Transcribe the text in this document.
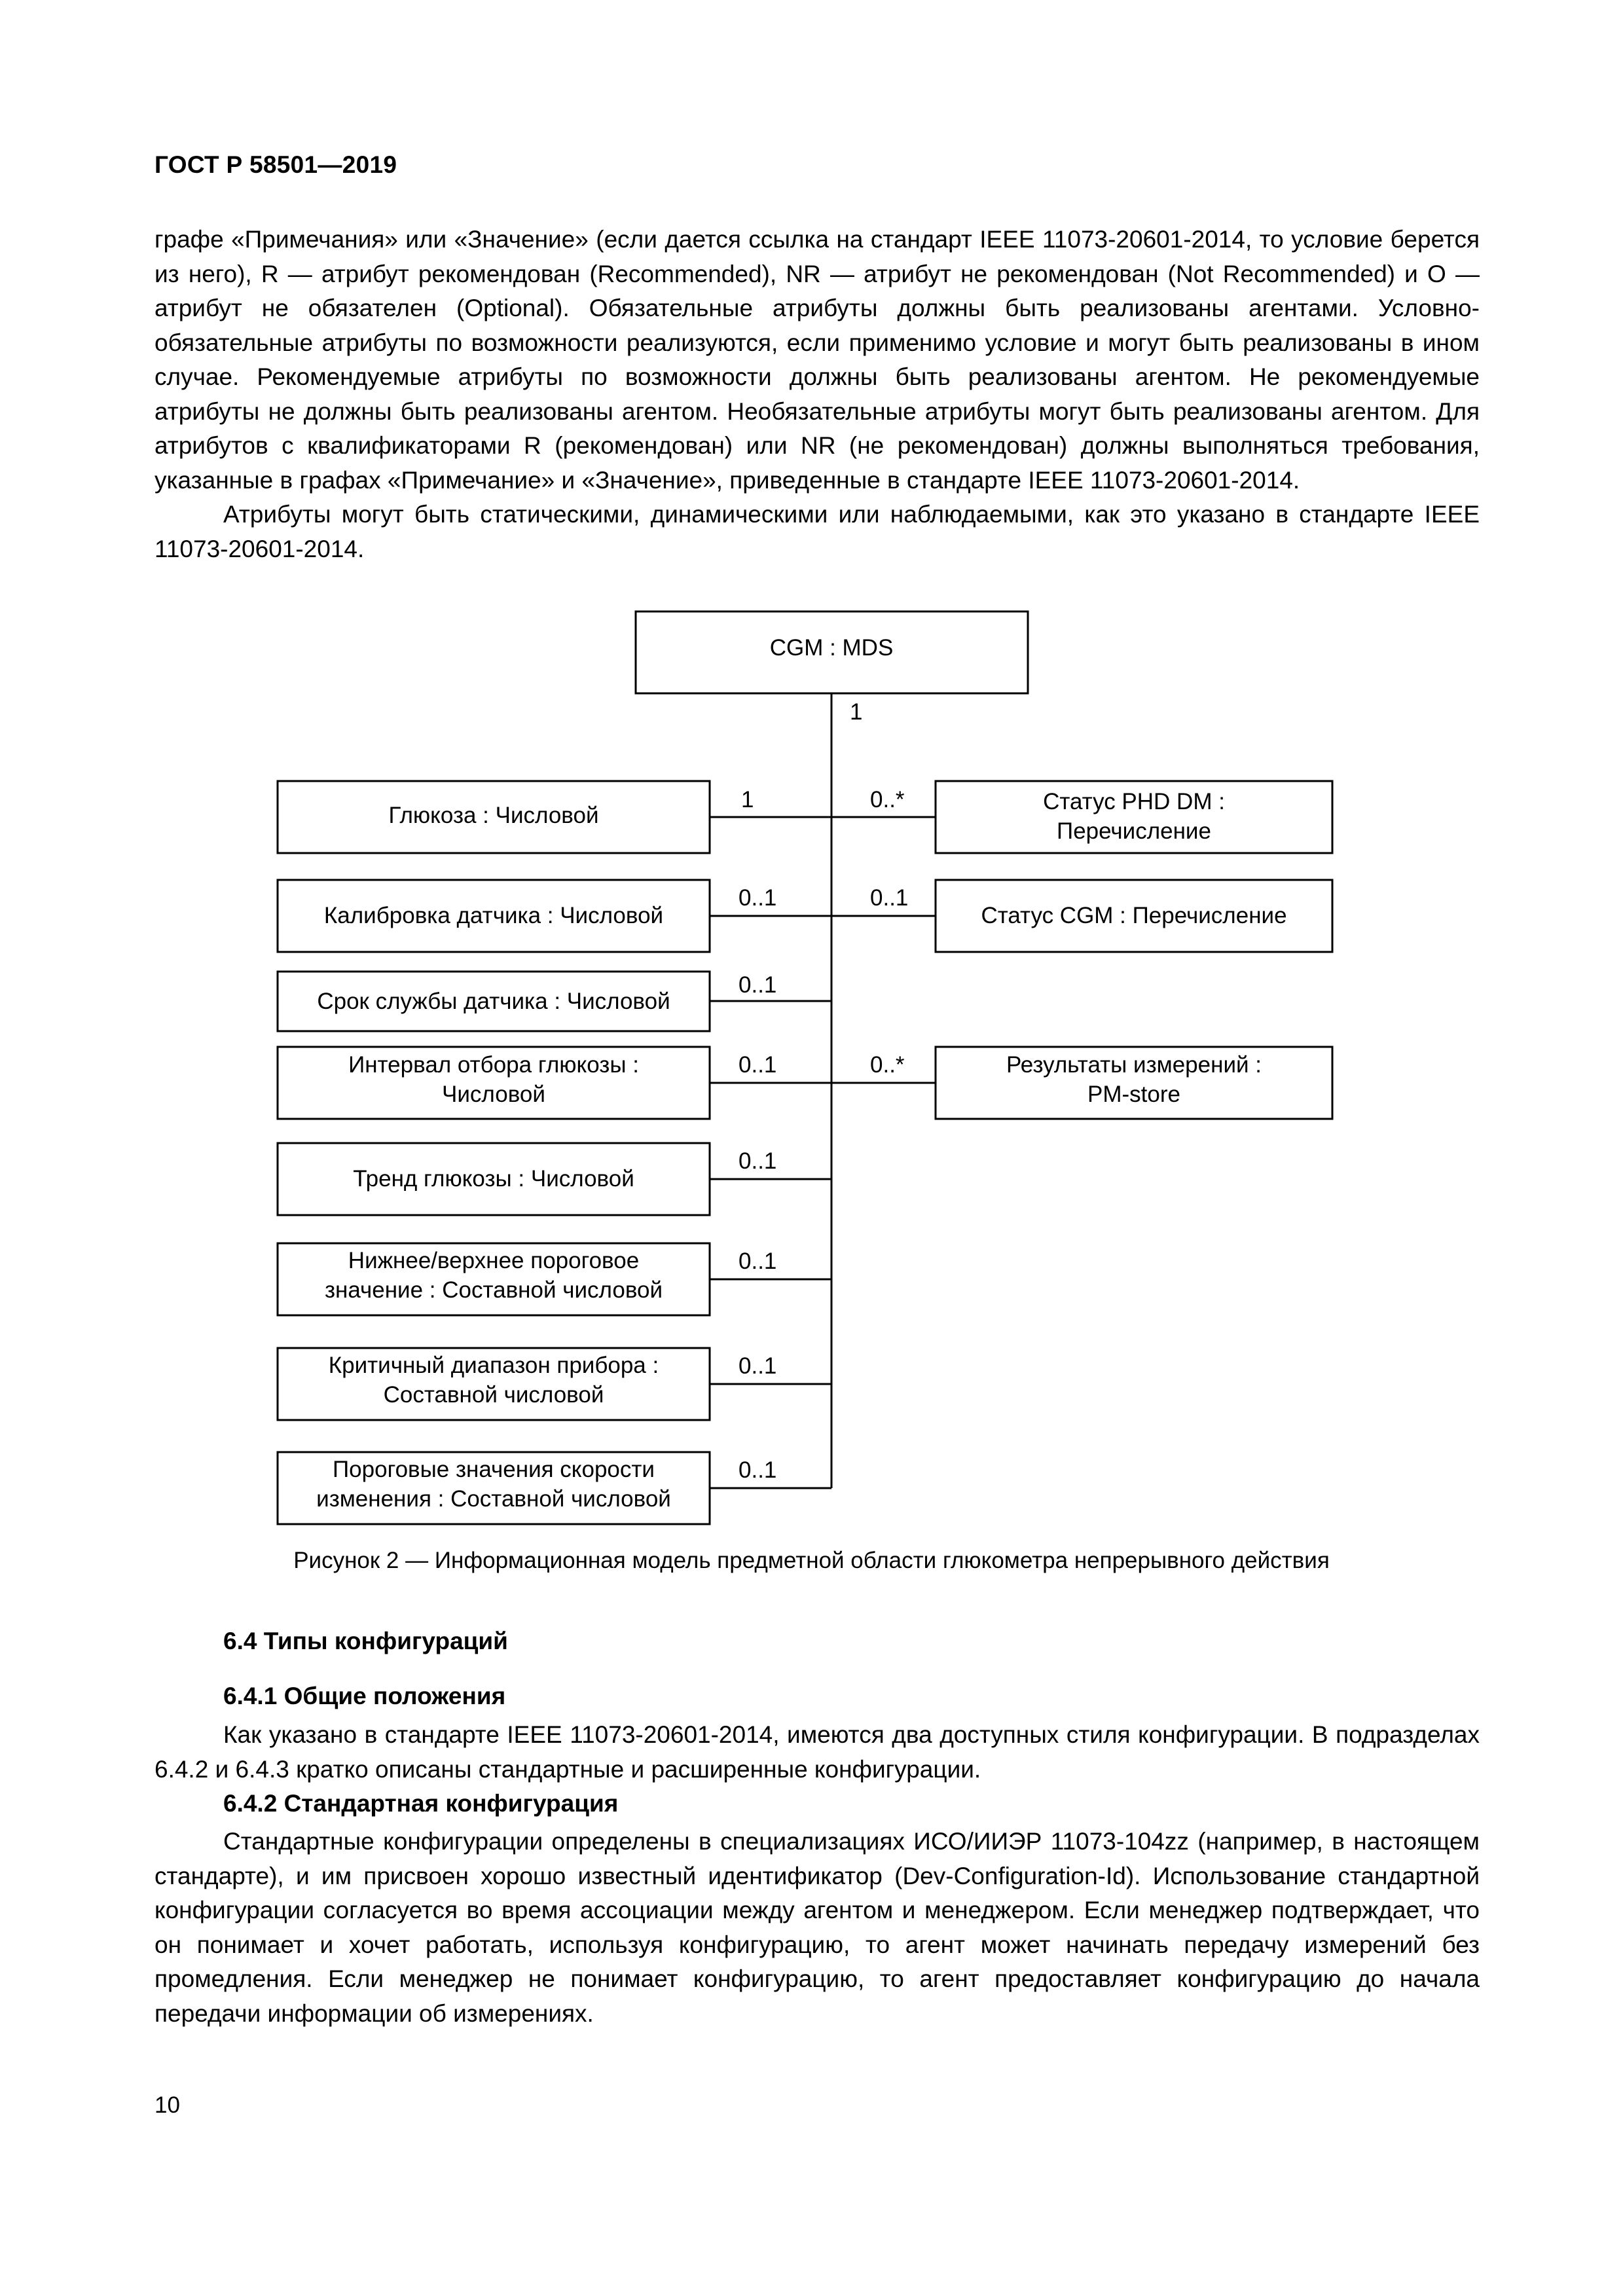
ГОСТ Р 58501—2019

графе «Примечания» или «Значение» (если дается ссылка на стандарт IEEE 11073-20601-2014, то условие берется из него), R — атрибут рекомендован (Recommended), NR — атрибут не рекомендован (Not Recommended) и O — атрибут не обязателен (Optional). Обязательные атрибуты должны быть реализованы агентами. Условно-обязательные атрибуты по возможности реализуются, если применимо условие и могут быть реализованы в ином случае. Рекомендуемые атрибуты по возможности должны быть реализованы агентом. Не рекомендуемые атрибуты не должны быть реализованы агентом. Необязательные атрибуты могут быть реализованы агентом. Для атрибутов с квалификаторами R (рекомендован) или NR (не рекомендован) должны выполняться требования, указанные в графах «Примечание» и «Значение», приведенные в стандарте IEEE 11073-20601-2014.

Атрибуты могут быть статическими, динамическими или наблюдаемыми, как это указано в стандарте IEEE 11073-20601-2014.

CGM : MDS
1
Глюкоза : Числовой
Калибровка датчика : Числовой
Срок службы датчика : Числовой
Интервал отбора глюкозы :
Числовой
Тренд глюкозы : Числовой
Нижнее/верхнее пороговое
значение : Составной числовой
Критичный диапазон прибора :
Составной числовой
Пороговые значения скорости
изменения : Составной числовой
1
0..1
0..1
0..1
0..1
0..1
0..1
0..1
Статус PHD DM :
Перечисление
Статус CGM : Перечисление
Результаты измерений :
PM-store
0..*
0..1
0..*
Рисунок 2 — Информационная модель предметной области глюкометра непрерывного действия
6.4 Типы конфигураций
6.4.1 Общие положения

Как указано в стандарте IEEE 11073-20601-2014, имеются два доступных стиля конфигурации. В подразделах 6.4.2 и 6.4.3 кратко описаны стандартные и расширенные конфигурации.

6.4.2 Стандартная конфигурация

Стандартные конфигурации определены в специализациях ИСО/ИИЭР 11073-104zz (например, в настоящем стандарте), и им присвоен хорошо известный идентификатор (Dev-Configuration-Id). Использование стандартной конфигурации согласуется во время ассоциации между агентом и менеджером. Если менеджер подтверждает, что он понимает и хочет работать, используя конфигурацию, то агент может начинать передачу измерений без промедления. Если менеджер не понимает конфигурацию, то агент предоставляет конфигурацию до начала передачи информации об измерениях.

10
